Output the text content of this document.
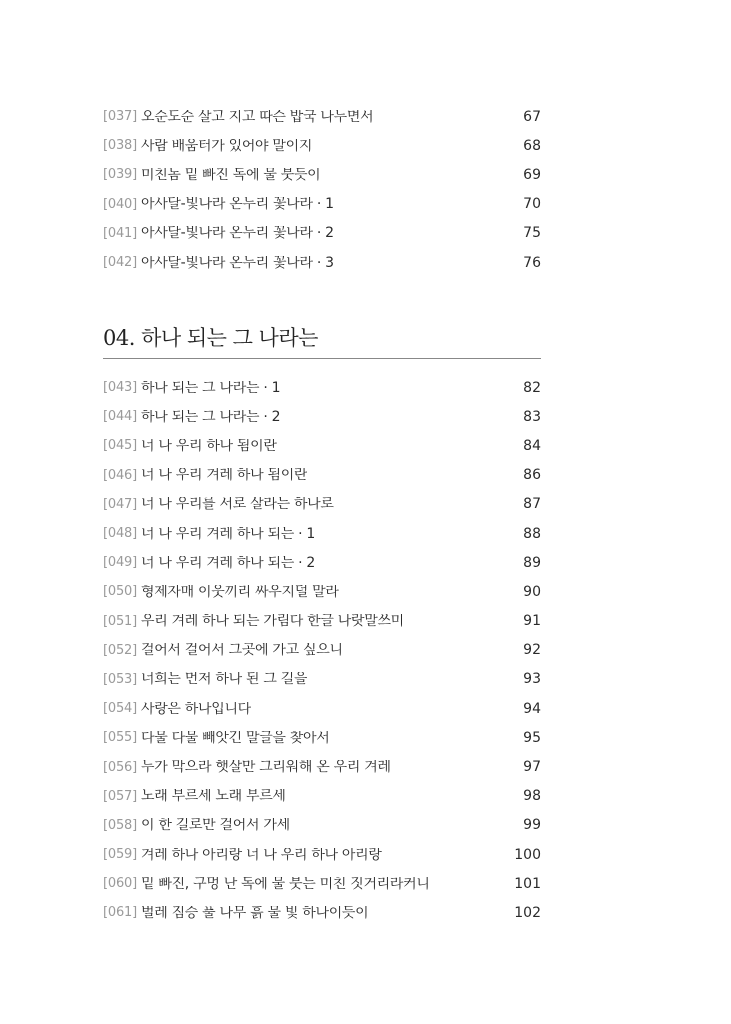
[037] 오순도순 살고 지고 따슨 밥국 나누면서	67
[038] 사람 배움터가 있어야 말이지	68
[039] 미친놈 밑 빠진 독에 물 붓듯이	69
[040] 아사달-빛나라 온누리 꽃나라 · 1	70
[041] 아사달-빛나라 온누리 꽃나라 · 2	75
[042] 아사달-빛나라 온누리 꽃나라 · 3	76
04. 하나 되는 그 나라는
[043] 하나 되는 그 나라는 · 1	82
[044] 하나 되는 그 나라는 · 2	83
[045] 너 나 우리 하나 됨이란	84
[046] 너 나 우리 겨레 하나 됨이란	86
[047] 너 나 우리를 서로 살라는 하나로	87
[048] 너 나 우리 겨레 하나 되는 · 1	88
[049] 너 나 우리 겨레 하나 되는 · 2	89
[050] 형제자매 이웃끼리 싸우지덜 말라	90
[051] 우리 겨레 하나 되는 가림다 한글 나랏말쓰미	91
[052] 걸어서 걸어서 그곳에 가고 싶으니	92
[053] 너희는 먼저 하나 된 그 길을	93
[054] 사랑은 하나입니다	94
[055] 다물 다물 빼앗긴 말글을 찾아서	95
[056] 누가 막으라 햇살만 그리워해 온 우리 겨레	97
[057] 노래 부르세 노래 부르세	98
[058] 이 한 길로만 걸어서 가세	99
[059] 겨레 하나 아리랑 너 나 우리 하나 아리랑	100
[060] 밑 빠진, 구멍 난 독에 물 붓는 미친 짓거리라커니	101
[061] 벌레 짐승 풀 나무 흙 물 빛 하나이듯이	102
